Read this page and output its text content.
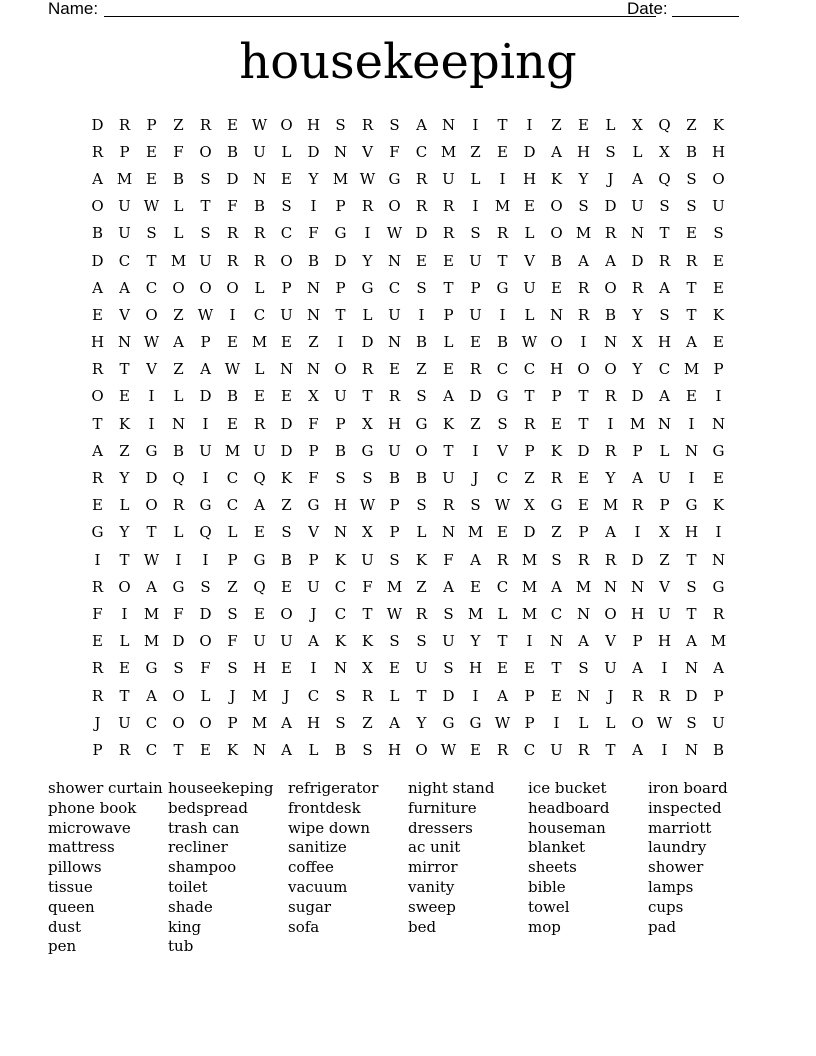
Name:	Date:
housekeeping
D	R	P	Z	R	E W O H	S	R	S	A	N	I	T	I	Z	E	L	X	Q	Z	K
R	P	E	F	O	B	U	L	D N	V	F	C M Z	E	D	A	H	S	L	X	B H
A M E	B	S	D N E	Y M W G	R	U	L	I	H K	Y	J	A	Q	S	O
O U W L	T	F	B	S	I	P	R	O	R	R	I	M E	O	S	D U	S	S	U
B	U	S	L	S	R	R	C	F	G	I	W D	R	S	R	L	O M R N	T	E	S
D	C	T M U	R	R	O	B	D	Y	N E	E	U	T	V	B	A	A	D	R	R	E
A	A	C	O O O	L	P	N	P	G	C	S	T	P	G U	E	R	O	R	A	T	E
E	V	O	Z W	I	C U N	T	L	U	I	P	U	I	L	N R	B	Y	S	T	K
H N W A	P	E M E	Z	I	D N B	L	E	B W O	I	N	X	H	A	E
R	T	V	Z	A W L	N N O	R	E	Z	E	R	C	C H O O	Y	C M P
O	E	I	L	D	B	E	E	X	U	T	R	S	A	D G	T	P	T	R	D	A	E	I
T	K	I	N	I	E	R	D	F	P	X	H G	K	Z	S	R	E	T	I	M N	I	N
A	Z	G	B	U M U D	P	B	G U O	T	I	V	P	K	D	R	P	L	N G
R	Y	D Q	I	C	Q	K	F	S	S	B	B	U	J	C	Z	R	E	Y	A	U	I	E
E	L	O	R	G	C	A	Z	G H W P	S	R	S W X	G	E M R	P	G	K
G	Y	T	L	Q	L	E	S	V	N	X	P	L	N M E	D	Z	P	A	I	X	H	I
I	T W	I	I	P	G	B	P	K	U	S	K	F	A	R M S	R	R	D	Z	T	N
R	O	A	G	S	Z	Q	E	U C	F M Z	A	E	C M A M N N	V	S	G
F	I	M F	D	S	E	O	J	C	T W R	S M L M C N O H U	T	R
E	L M D O	F	U U	A	K	K	S	S	U	Y	T	I	N	A	V	P	H	A M
R	E	G	S	F	S	H E	I	N	X	E	U	S	H E	E	T	S	U	A	I	N	A
R	T	A	O	L	J	M	J	C	S	R	L	T	D	I	A	P	E N	J	R	R	D	P
J	U C	O O	P M A	H	S	Z	A	Y	G	G W P	I	L	L	O W S	U
P	R	C	T	E	K N	A	L	B	S	H O W E	R	C U	R	T	A	I	N B
shower curtain
phone book
microwave
mattress
pillows
tissue
queen
dust
pen
houseekeping
bedspread
trash can
recliner
shampoo
toilet
shade
king
tub
refrigerator
frontdesk
wipe down
sanitize
coffee
vacuum
sugar
sofa
night stand
furniture
dressers
ac unit
mirror
vanity
sweep
bed
ice bucket
headboard
houseman
blanket
sheets
bible
towel
mop
iron board
inspected
marriott
laundry
shower
lamps
cups
pad
